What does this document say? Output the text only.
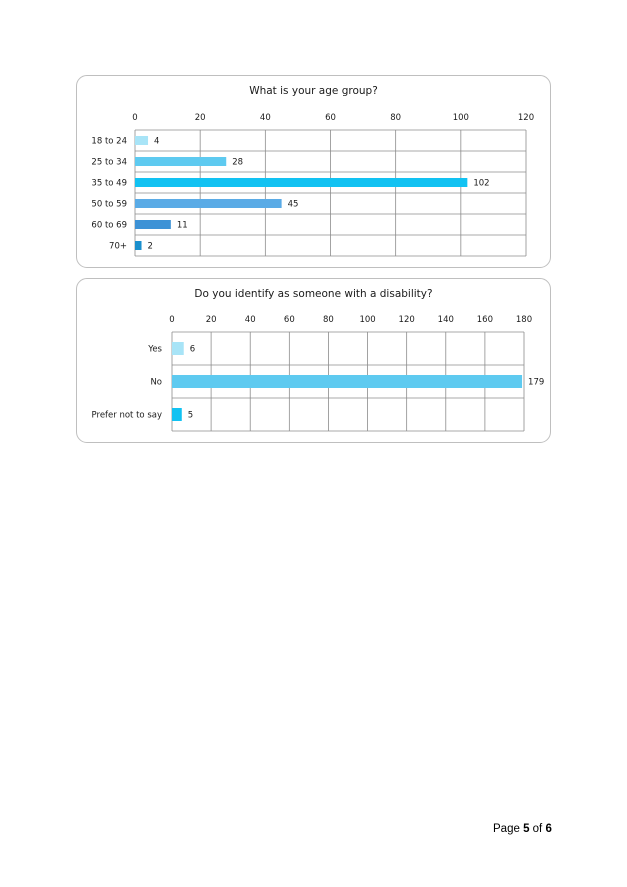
What is your age group?
0	20	40	60	80	100	120
18 to 24	4
25 to 34	28
35 to 49	102
50 to 59	45
60 to 69	11
70+ 2
Do you identify as someone with a disability?
0	20	40	60	80	100	120	140	160	180
Yes	6
No	179
Prefer not to say	5
Page 5 of 6
